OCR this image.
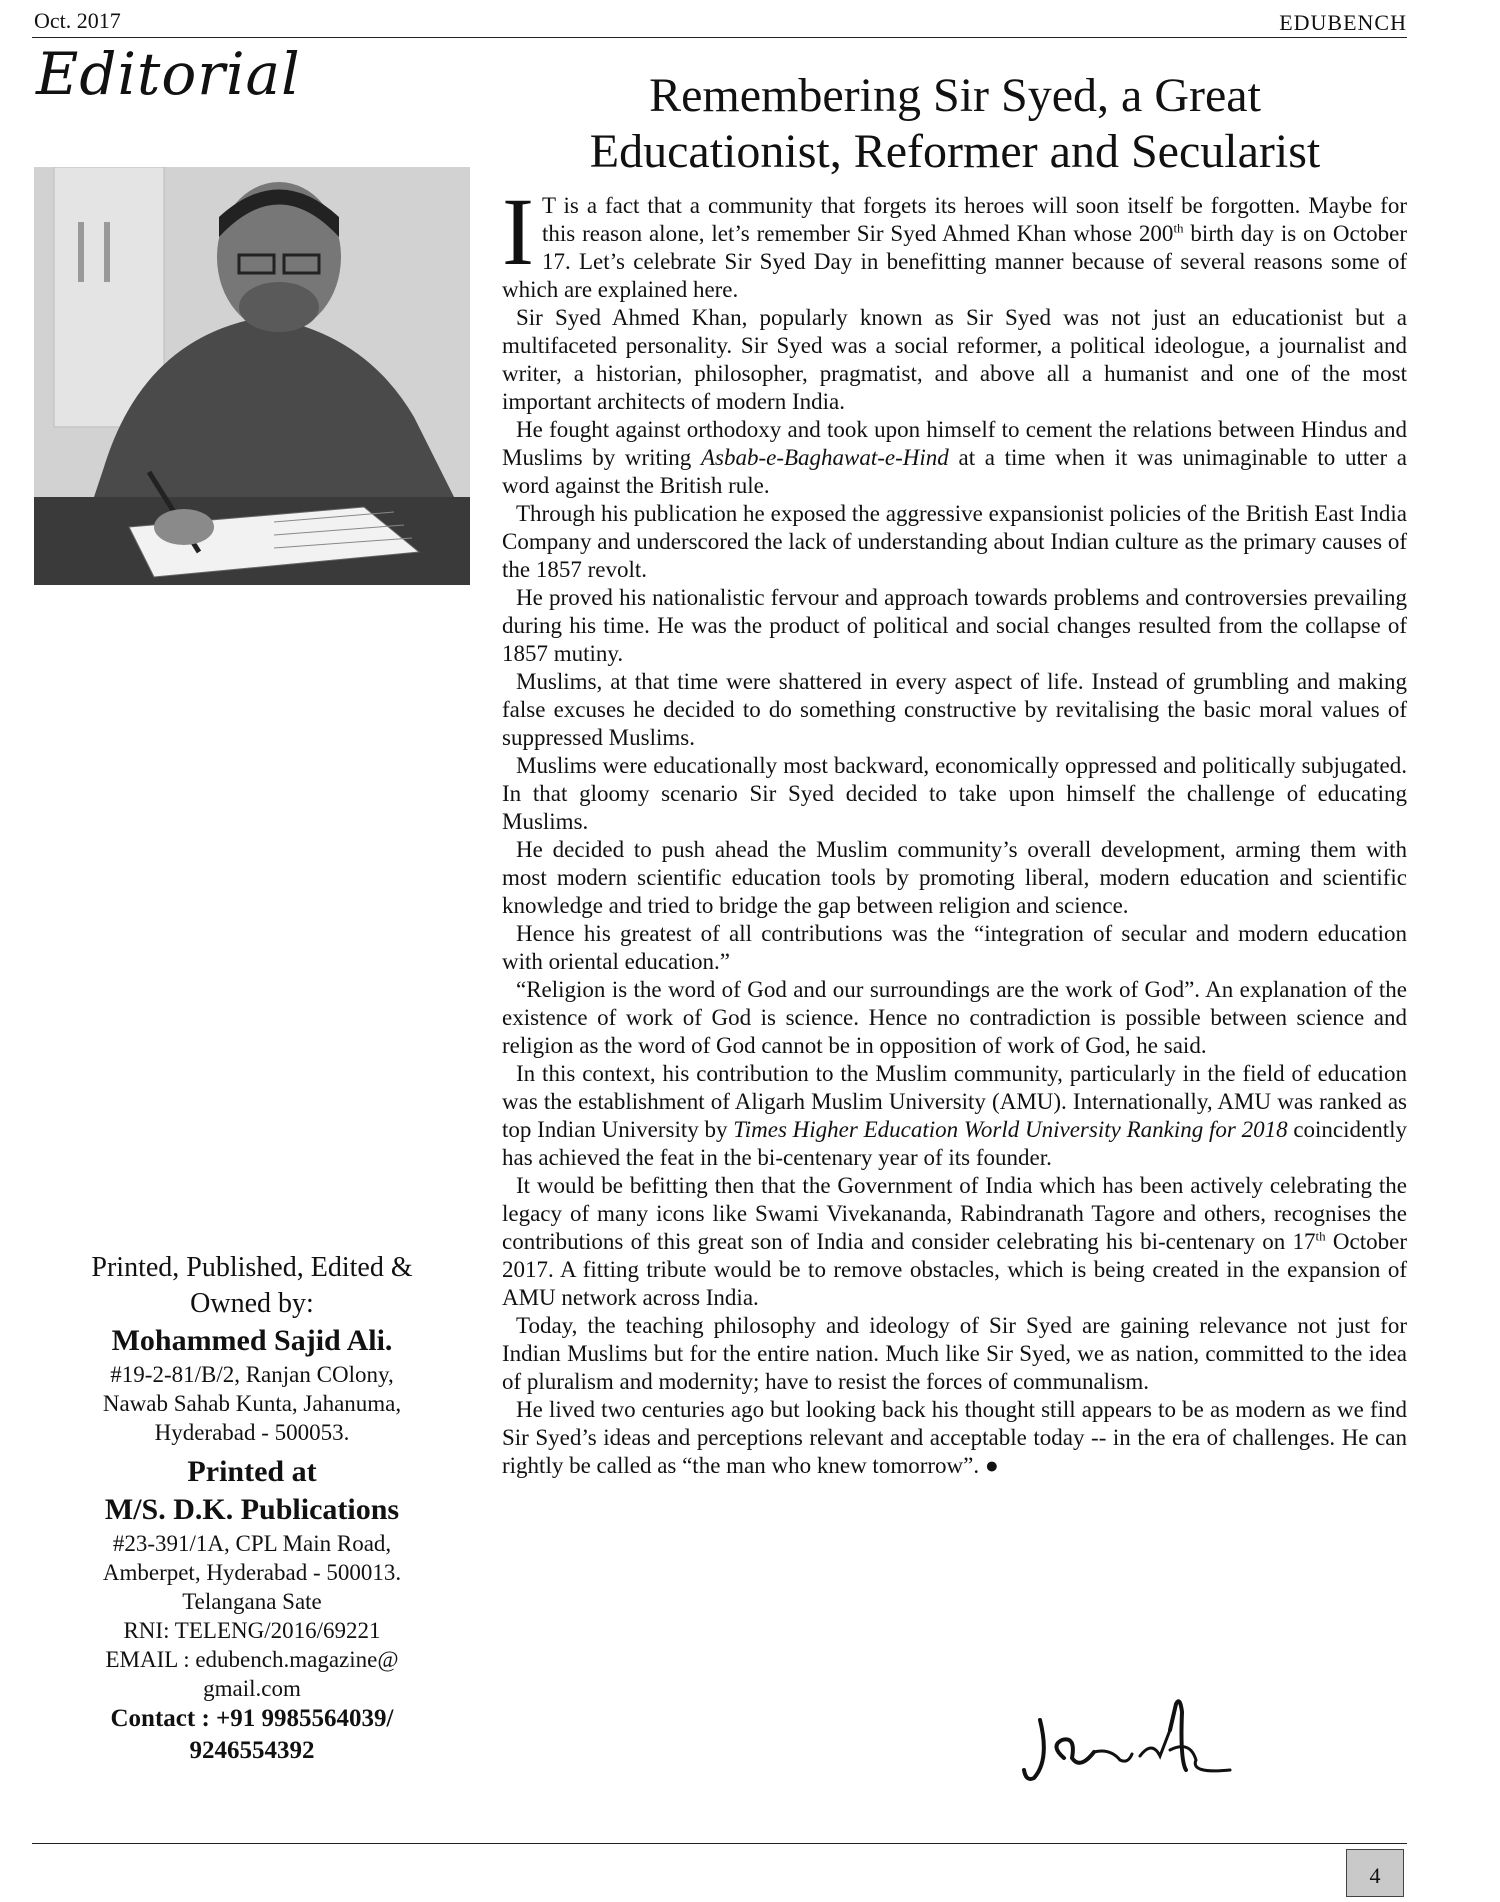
Oct. 2017	EDUBENCH
Editorial	Remembering Sir Syed, a Great
Educationist, Reformer and Secularist

I T is a fact that a community that forgets its heroes will soon itself be forgotten. Maybe for this reason alone, let’s remember Sir Syed Ahmed Khan whose 200th birth day is on October 17. Let’s celebrate Sir Syed Day in benefitting manner because of several reasons some of which are explained here.

Sir Syed Ahmed Khan, popularly known as Sir Syed was not just an educationist but a multifaceted personality. Sir Syed was a social reformer, a political ideologue, a journalist and writer, a historian, philosopher, pragmatist, and above all a humanist and one of the most important architects of modern India.

He fought against orthodoxy and took upon himself to cement the relations between Hindus and Muslims by writing Asbab-e-Baghawat-e-Hind at a time when it was unimaginable to utter a word against the British rule.

Through his publication he exposed the aggressive expansionist policies of the British East India Company and underscored the lack of understanding about Indian culture as the primary causes of the 1857 revolt.

He proved his nationalistic fervour and approach towards problems and controversies prevailing during his time. He was the product of political and social changes resulted from the collapse of 1857 mutiny.

Muslims, at that time were shattered in every aspect of life. Instead of grumbling and making false excuses he decided to do something constructive by revitalising the basic moral values of suppressed Muslims.

Muslims were educationally most backward, economically oppressed and politically subjugated. In that gloomy scenario Sir Syed decided to take upon himself the challenge of educating Muslims.

He decided to push ahead the Muslim community’s overall development, arming them with most modern scientific education tools by promoting liberal, modern education and scientific knowledge and tried to bridge the gap between religion and science.

Hence his greatest of all contributions was the “integration of secular and modern education with oriental education.”

“Religion is the word of God and our surroundings are the work of God”. An explanation of the existence of work of God is science. Hence no contradiction is possible between science and religion as the word of God cannot be in opposition of work of God, he said.

In this context, his contribution to the Muslim community, particularly in the field of education was the establishment of Aligarh Muslim University (AMU). Internationally, AMU was ranked as top Indian University by Times Higher Education World University Ranking for 2018 coincidently has achieved the feat in the bi-centenary year of its founder.

It would be befitting then that the Government of India which has been actively celebrating the legacy of many icons like Swami Vivekananda, Rabindranath Tagore and others, recognises the contributions of this great son of India and consider celebrating his bi-centenary on 17th October 2017. A fitting tribute would be to remove obstacles, which is being created in the expansion of AMU network across India.

Today, the teaching philosophy and ideology of Sir Syed are gaining relevance not just for Indian Muslims but for the entire nation. Much like Sir Syed, we as nation, committed to the idea of pluralism and modernity; have to resist the forces of communalism.

He lived two centuries ago but looking back his thought still appears to be as modern as we find Sir Syed’s ideas and perceptions relevant and acceptable today -- in the era of challenges. He can rightly be called as “the man who knew tomorrow”. ●

Printed, Published, Edited &
Owned by:
Mohammed Sajid Ali.
#19-2-81/B/2, Ranjan COlony,
Nawab Sahab Kunta, Jahanuma,
Hyderabad - 500053.
Printed at
M/S. D.K. Publications
#23-391/1A, CPL Main Road,
Amberpet, Hyderabad - 500013.
Telangana Sate
RNI: TELENG/2016/69221
EMAIL : edubench.magazine@
gmail.com
Contact : +91 9985564039/
9246554392
4
